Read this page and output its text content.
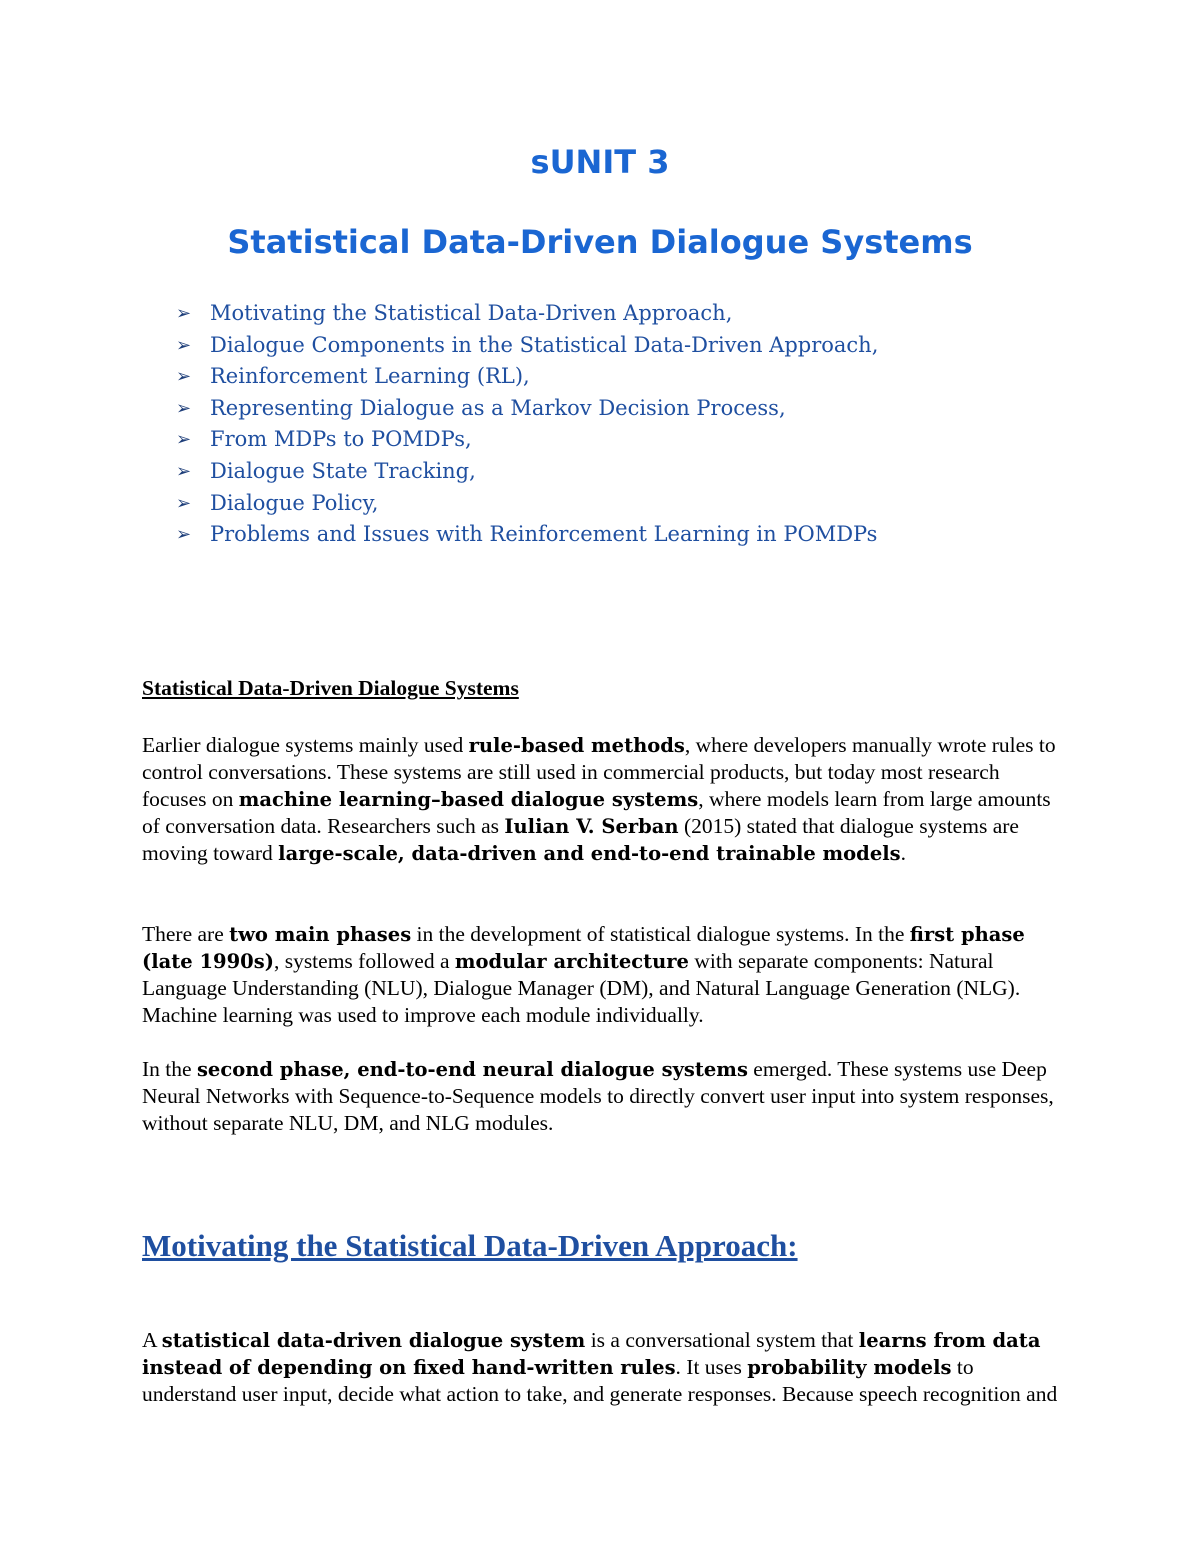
sUNIT 3
Statistical Data-Driven Dialogue Systems
➢ Motivating the Statistical Data-Driven Approach,
➢ Dialogue Components in the Statistical Data-Driven Approach,
➢ Reinforcement Learning (RL),
➢ Representing Dialogue as a Markov Decision Process,
➢ From MDPs to POMDPs,
➢ Dialogue State Tracking,
➢ Dialogue Policy,
➢ Problems and Issues with Reinforcement Learning in POMDPs
Statistical Data-Driven Dialogue Systems

Earlier dialogue systems mainly used rule-based methods, where developers manually wrote rules to control conversations. These systems are still used in commercial products, but today most research focuses on machine learning–based dialogue systems, where models learn from large amounts of conversation data. Researchers such as Iulian V. Serban (2015) stated that dialogue systems are moving toward large-scale, data-driven and end-to-end trainable models.

There are two main phases in the development of statistical dialogue systems. In the first phase (late 1990s), systems followed a modular architecture with separate components: Natural Language Understanding (NLU), Dialogue Manager (DM), and Natural Language Generation (NLG). Machine learning was used to improve each module individually.

In the second phase, end-to-end neural dialogue systems emerged. These systems use Deep Neural Networks with Sequence-to-Sequence models to directly convert user input into system responses, without separate NLU, DM, and NLG modules.

Motivating the Statistical Data-Driven Approach:

A statistical data-driven dialogue system is a conversational system that learns from data instead of depending on fixed hand-written rules. It uses probability models to understand user input, decide what action to take, and generate responses. Because speech recognition and
